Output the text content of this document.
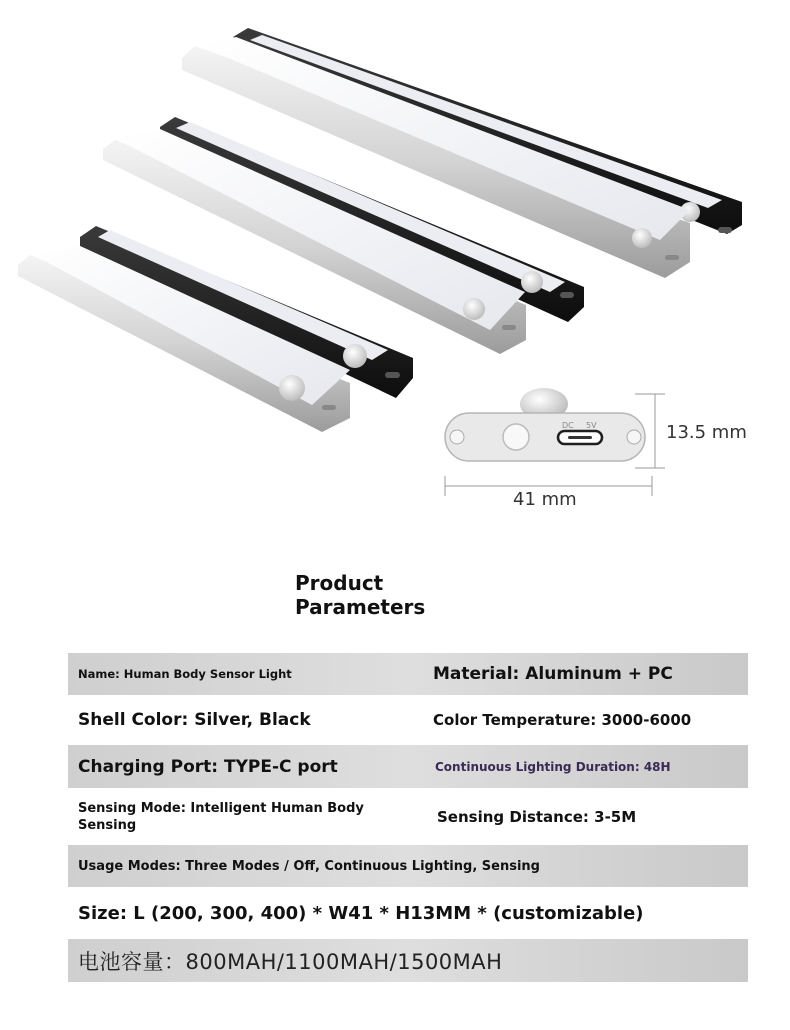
DC 5V	13.5 mm
41 mm
Product
Parameters
Name: Human Body Sensor Light	Material: Aluminum + PC
Shell Color: Silver, Black	Color Temperature: 3000-6000
Charging Port: TYPE-C port	Continuous Lighting Duration: 48H
Sensing Mode: Intelligent Human Body
Sensing	Sensing Distance: 3-5M
Usage Modes: Three Modes / Off, Continuous Lighting, Sensing
Size: L (200, 300, 400) * W41 * H13MM * (customizable)
电池容量：800MAH/1100MAH/1500MAH
